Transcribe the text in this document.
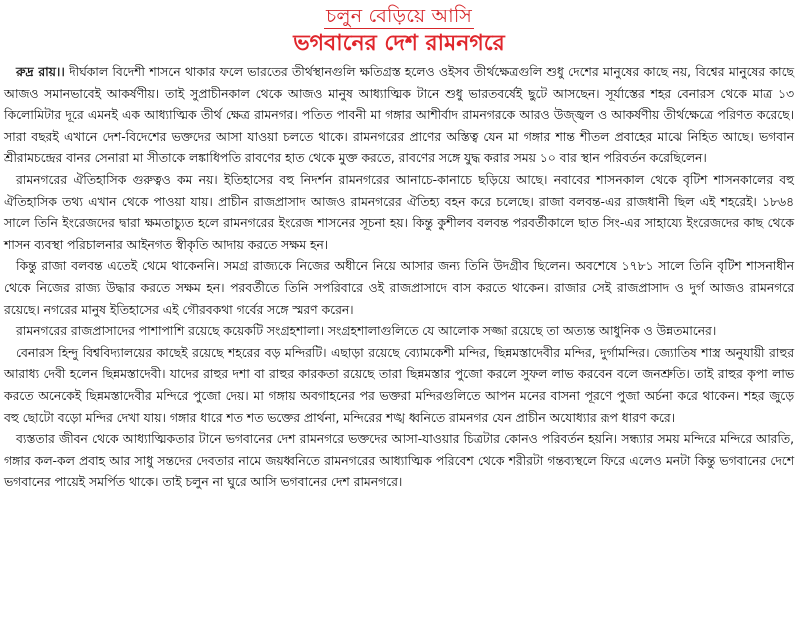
চলুন বেড়িয়ে আসি
ভগবানের দেশ রামনগরে

রুদ্র রায়।। দীর্ঘকাল বিদেশী শাসনে থাকার ফলে ভারতের তীর্থস্থানগুলি ক্ষতিগ্রস্ত হলেও ওইসব তীর্থক্ষেত্রগুলি শুধু দেশের মানুষের কাছে নয়, বিশ্বের মানুষের কাছে আজও সমানভাবেই আকর্ষণীয়। তাই সুপ্রাচীনকাল থেকে আজও মানুষ আধ্যাত্মিক টানে শুধু ভারতবর্ষেই ছুটে আসছেন। সূর্যাস্তের শহর বেনারস থেকে মাত্র ১৩ কিলোমিটার দূরে এমনই এক আধ্যাত্মিক তীর্থ ক্ষেত্র রামনগর। পতিত পাবনী মা গঙ্গার আশীর্বাদ রামনগরকে আরও উজ্জ্বল ও আকর্ষণীয় তীর্থক্ষেত্রে পরিণত করেছে। সারা বছরই এখানে দেশ-বিদেশের ভক্তদের আসা যাওয়া চলতে থাকে। রামনগরের প্রাণের অস্তিত্ব যেন মা গঙ্গার শান্ত শীতল প্রবাহের মাঝে নিহিত আছে। ভগবান শ্রীরামচন্দ্রের বানর সেনারা মা সীতাকে লঙ্কাধিপতি রাবণের হাত থেকে মুক্ত করতে, রাবণের সঙ্গে যুদ্ধ করার সময় ১০ বার স্থান পরিবর্তন করেছিলেন।

রামনগরের ঐতিহাসিক গুরুত্বও কম নয়। ইতিহাসের বহু নিদর্শন রামনগরের আনাচে-কানাচে ছড়িয়ে আছে। নবাবের শাসনকাল থেকে বৃটিশ শাসনকালের বহু ঐতিহাসিক তথ্য এখান থেকে পাওয়া যায়। প্রাচীন রাজপ্রাসাদ আজও রামনগরের ঐতিহ্য বহন করে চলেছে। রাজা বলবন্ত-এর রাজধানী ছিল এই শহরেই। ১৮৬৪ সালে তিনি ইংরেজদের দ্বারা ক্ষমতাচ্যুত হলে রামনগরের ইংরেজ শাসনের সূচনা হয়। কিন্তু কুশীলব বলবন্ত পরবর্তীকালে ছাত সিং-এর সাহায্যে ইংরেজদের কাছ থেকে শাসন ব্যবস্থা পরিচালনার আইনগত স্বীকৃতি আদায় করতে সক্ষম হন।

কিন্তু রাজা বলবন্ত এতেই থেমে থাকেননি। সমগ্র রাজ্যকে নিজের অধীনে নিয়ে আসার জন্য তিনি উদগ্রীব ছিলেন। অবশেষে ১৭৮১ সালে তিনি বৃটিশ শাসনাধীন থেকে নিজের রাজ্য উদ্ধার করতে সক্ষম হন। পরবর্তীতে তিনি সপরিবারে ওই রাজপ্রাসাদে বাস করতে থাকেন। রাজার সেই রাজপ্রাসাদ ও দুর্গ আজও রামনগরে রয়েছে। নগরের মানুষ ইতিহাসের এই গৌরবকথা গর্বের সঙ্গে স্মরণ করেন।

রামনগরের রাজপ্রাসাদের পাশাপাশি রয়েছে কয়েকটি সংগ্রহশালা। সংগ্রহশালাগুলিতে যে আলোক সজ্জা রয়েছে তা অত্যন্ত আধুনিক ও উন্নতমানের।

বেনারস হিন্দু বিশ্ববিদ্যালয়ের কাছেই রয়েছে শহরের বড় মন্দিরটি। এছাড়া রয়েছে ব্যোমকেশী মন্দির, ছিন্নমস্তাদেবীর মন্দির, দুর্গামন্দির। জ্যোতিষ শাস্ত্র অনুযায়ী রাহুর আরাধ্য দেবী হলেন ছিন্নমস্তাদেবী। যাদের রাহুর দশা বা রাহুর কারকতা রয়েছে তারা ছিন্নমস্তার পুজো করলে সুফল লাভ করবেন বলে জনশ্রুতি। তাই রাহুর কৃপা লাভ করতে অনেকেই ছিন্নমস্তাদেবীর মন্দিরে পুজো দেয়। মা গঙ্গায় অবগাহনের পর ভক্তরা মন্দিরগুলিতে আপন মনের বাসনা পূরণে পুজা অর্চনা করে থাকেন। শহর জুড়ে বহু ছোটো বড়ো মন্দির দেখা যায়। গঙ্গার ধারে শত শত ভক্তের প্রার্থনা, মন্দিরের শঙ্খ ধ্বনিতে রামনগর যেন প্রাচীন অযোধ্যার রূপ ধারণ করে।

ব্যস্ততার জীবন থেকে আধ্যাত্মিকতার টানে ভগবানের দেশ রামনগরে ভক্তদের আসা-যাওয়ার চিত্রটার কোনও পরিবর্তন হয়নি। সন্ধ্যার সময় মন্দিরে মন্দিরে আরতি, গঙ্গার কল-কল প্রবাহ আর সাধু সন্তদের দেবতার নামে জয়ধ্বনিতে রামনগরের আধ্যাত্মিক পরিবেশ থেকে শরীরটা গন্তব্যস্থলে ফিরে এলেও মনটা কিন্তু ভগবানের দেশে ভগবানের পায়েই সমর্পিত থাকে। তাই চলুন না ঘুরে আসি ভগবানের দেশ রামনগরে।
